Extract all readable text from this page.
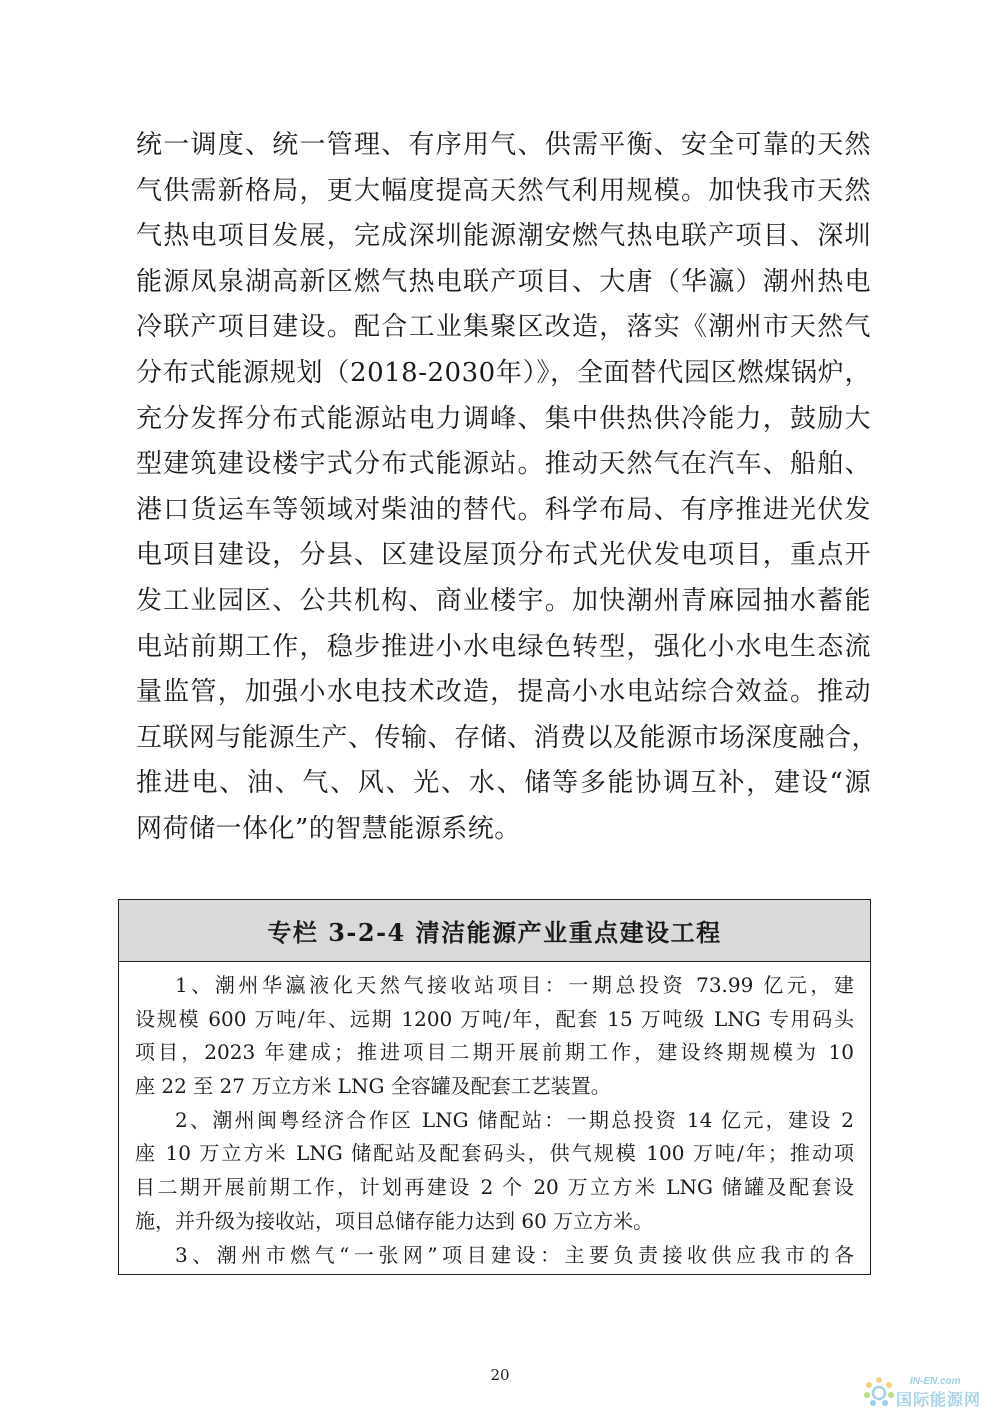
统一调度、统一管理、有序用气、供需平衡、安全可靠的天然
气供需新格局，更大幅度提高天然气利用规模。加快我市天然
气热电项目发展，完成深圳能源潮安燃气热电联产项目、深圳
能源凤泉湖高新区燃气热电联产项目、大唐（华瀛）潮州热电
冷联产项目建设。配合工业集聚区改造，落实《潮州市天然气
分布式能源规划（2018-2030年）》，全面替代园区燃煤锅炉，
充分发挥分布式能源站电力调峰、集中供热供冷能力，鼓励大
型建筑建设楼宇式分布式能源站。推动天然气在汽车、船舶、
港口货运车等领域对柴油的替代。科学布局、有序推进光伏发
电项目建设，分县、区建设屋顶分布式光伏发电项目，重点开
发工业园区、公共机构、商业楼宇。加快潮州青麻园抽水蓄能
电站前期工作，稳步推进小水电绿色转型，强化小水电生态流
量监管，加强小水电技术改造，提高小水电站综合效益。推动
互联网与能源生产、传输、存储、消费以及能源市场深度融合，
推进电、油、气、风、光、水、储等多能协调互补，建设“源
网荷储一体化”的智慧能源系统。
专栏 3-2-4 清洁能源产业重点建设工程
1、潮州华瀛液化天然气接收站项目：一期总投资 73.99 亿元，建
设规模 600 万吨/年、远期 1200 万吨/年，配套 15 万吨级 LNG 专用码头
项目，2023 年建成；推进项目二期开展前期工作，建设终期规模为 10
座 22 至 27 万立方米 LNG 全容罐及配套工艺装置。
2、潮州闽粤经济合作区 LNG 储配站：一期总投资 14 亿元，建设 2
座 10 万立方米 LNG 储配站及配套码头，供气规模 100 万吨/年；推动项
目二期开展前期工作，计划再建设 2 个 20 万立方米 LNG 储罐及配套设
施，并升级为接收站，项目总储存能力达到 60 万立方米。
3、潮州市燃气“一张网”项目建设：主要负责接收供应我市的各
20	IN-EN.com
国际能源网
